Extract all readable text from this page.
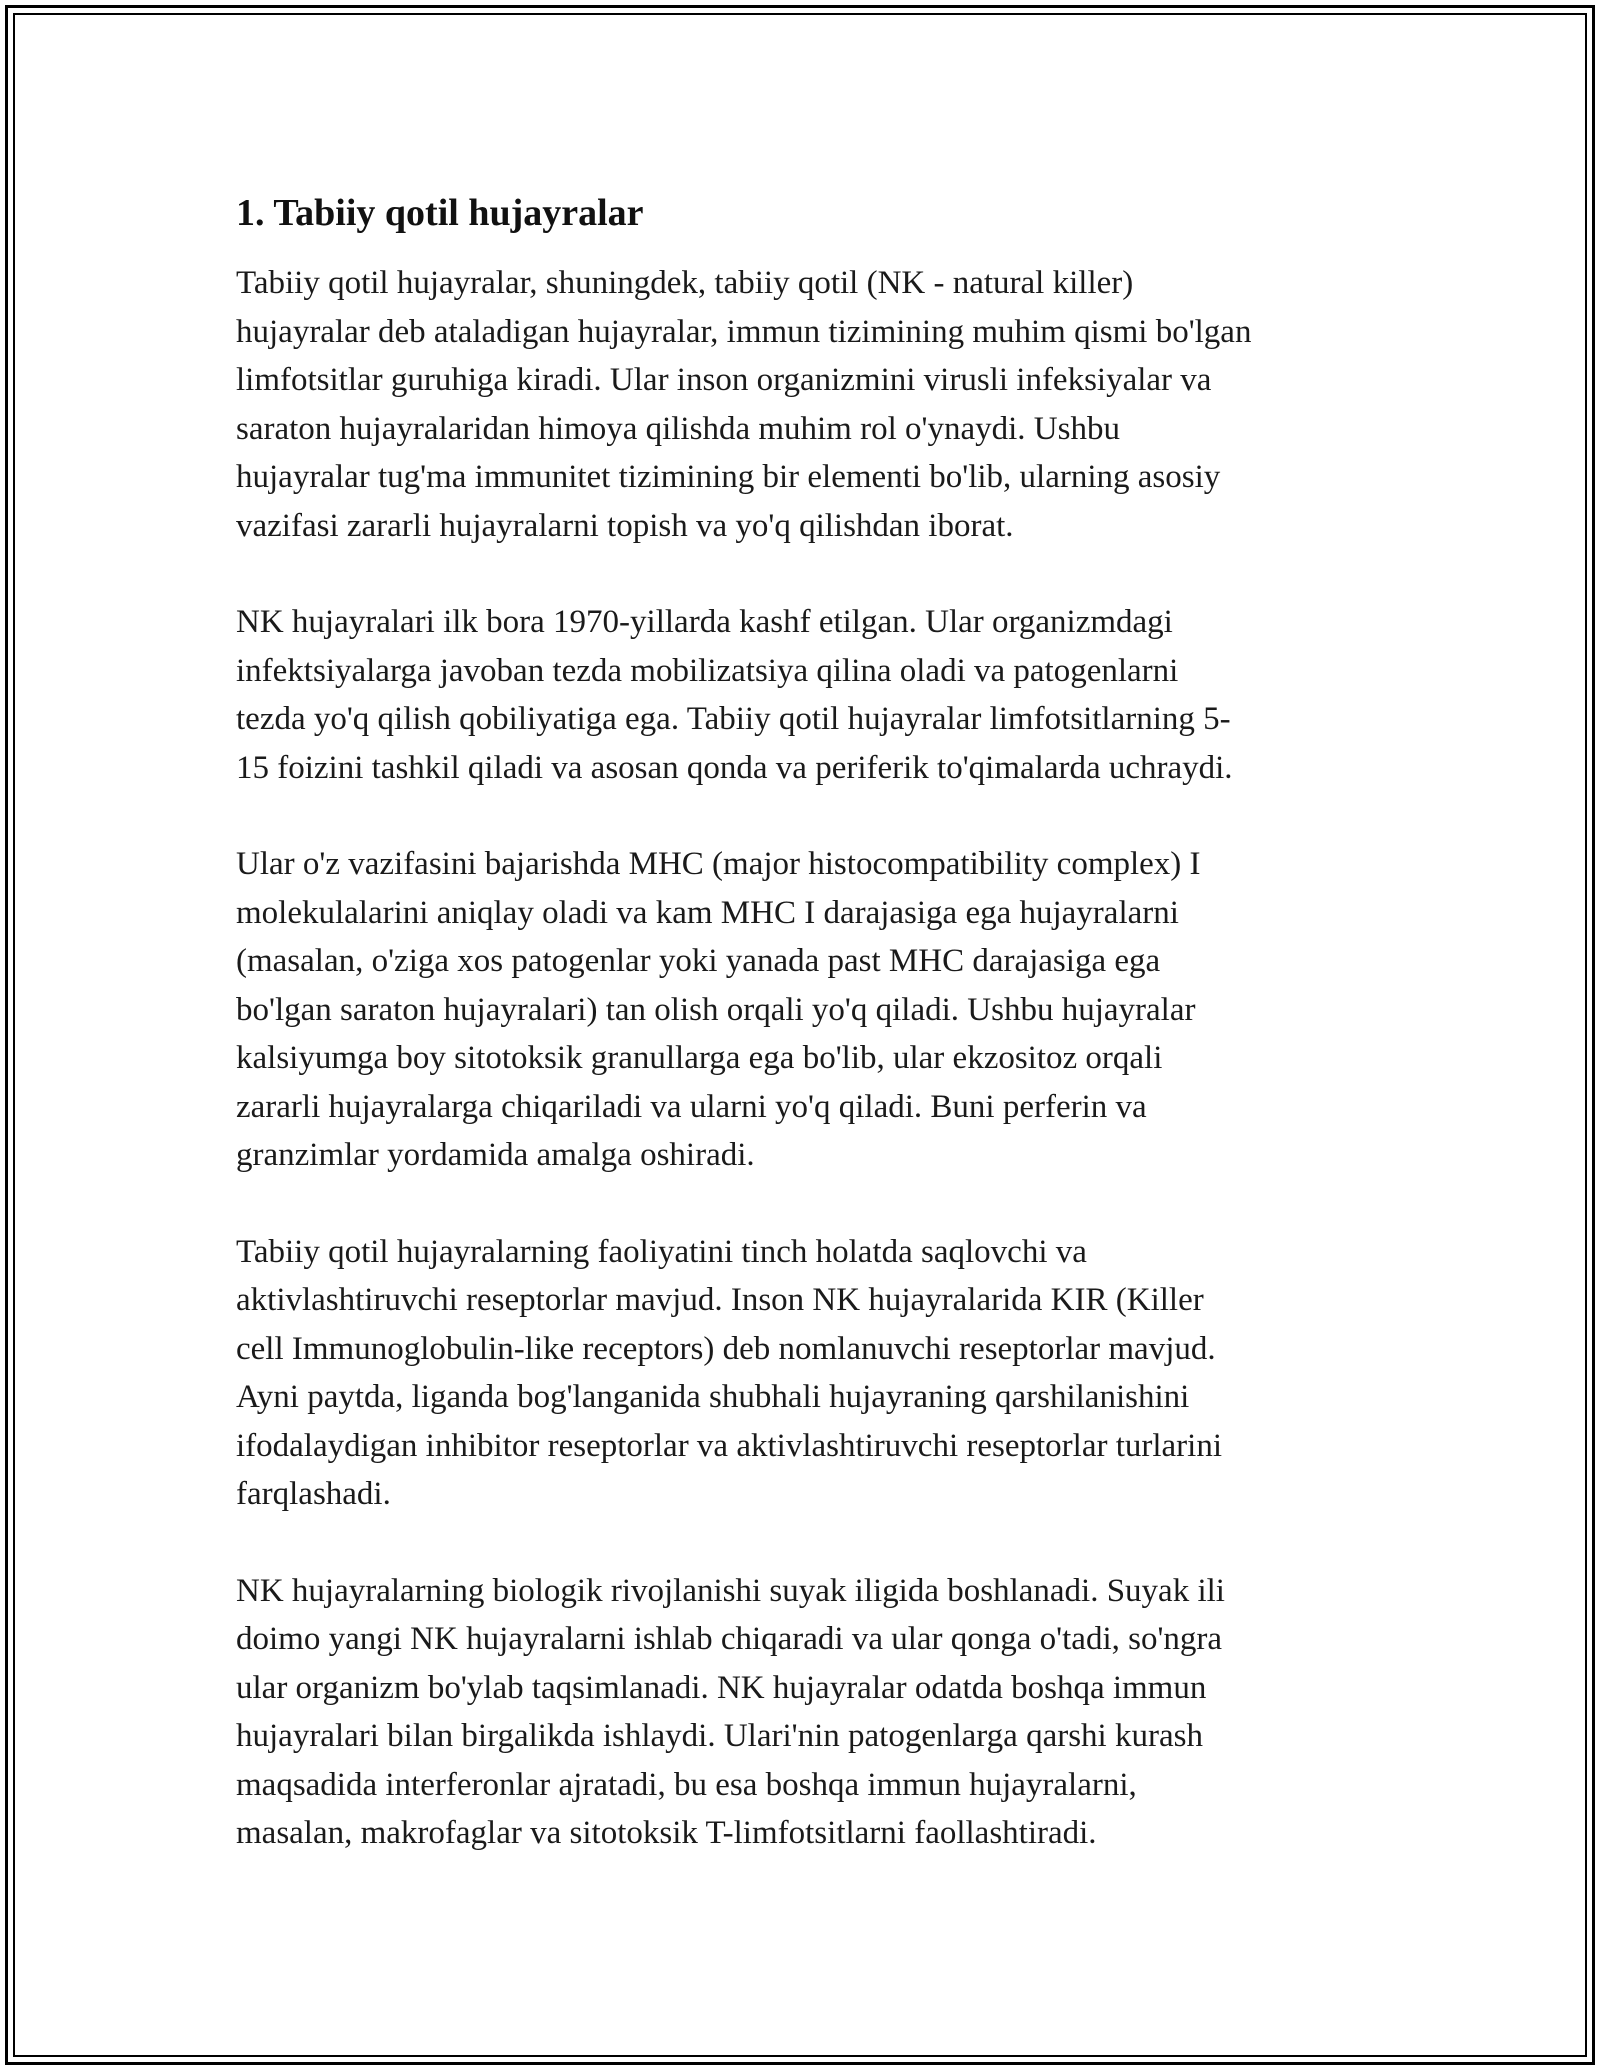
1. Tabiiy qotil hujayralar
Tabiiy qotil hujayralar, shuningdek, tabiiy qotil (NK - natural killer)
hujayralar deb ataladigan hujayralar, immun tizimining muhim qismi bo'lgan
limfotsitlar guruhiga kiradi. Ular inson organizmini virusli infeksiyalar va
saraton hujayralaridan himoya qilishda muhim rol o'ynaydi. Ushbu
hujayralar tug'ma immunitet tizimining bir elementi bo'lib, ularning asosiy
vazifasi zararli hujayralarni topish va yo'q qilishdan iborat.
NK hujayralari ilk bora 1970-yillarda kashf etilgan. Ular organizmdagi
infektsiyalarga javoban tezda mobilizatsiya qilina oladi va patogenlarni
tezda yo'q qilish qobiliyatiga ega. Tabiiy qotil hujayralar limfotsitlarning 5-
15 foizini tashkil qiladi va asosan qonda va periferik to'qimalarda uchraydi.
Ular o'z vazifasini bajarishda MHC (major histocompatibility complex) I
molekulalarini aniqlay oladi va kam MHC I darajasiga ega hujayralarni
(masalan, o'ziga xos patogenlar yoki yanada past MHC darajasiga ega
bo'lgan saraton hujayralari) tan olish orqali yo'q qiladi. Ushbu hujayralar
kalsiyumga boy sitotoksik granullarga ega bo'lib, ular ekzositoz orqali
zararli hujayralarga chiqariladi va ularni yo'q qiladi. Buni perferin va
granzimlar yordamida amalga oshiradi.
Tabiiy qotil hujayralarning faoliyatini tinch holatda saqlovchi va
aktivlashtiruvchi reseptorlar mavjud. Inson NK hujayralarida KIR (Killer
cell Immunoglobulin-like receptors) deb nomlanuvchi reseptorlar mavjud.
Ayni paytda, liganda bog'langanida shubhali hujayraning qarshilanishini
ifodalaydigan inhibitor reseptorlar va aktivlashtiruvchi reseptorlar turlarini
farqlashadi.
NK hujayralarning biologik rivojlanishi suyak iligida boshlanadi. Suyak ili
doimo yangi NK hujayralarni ishlab chiqaradi va ular qonga o'tadi, so'ngra
ular organizm bo'ylab taqsimlanadi. NK hujayralar odatda boshqa immun
hujayralari bilan birgalikda ishlaydi. Ulari'nin patogenlarga qarshi kurash
maqsadida interferonlar ajratadi, bu esa boshqa immun hujayralarni,
masalan, makrofaglar va sitotoksik T-limfotsitlarni faollashtiradi.
